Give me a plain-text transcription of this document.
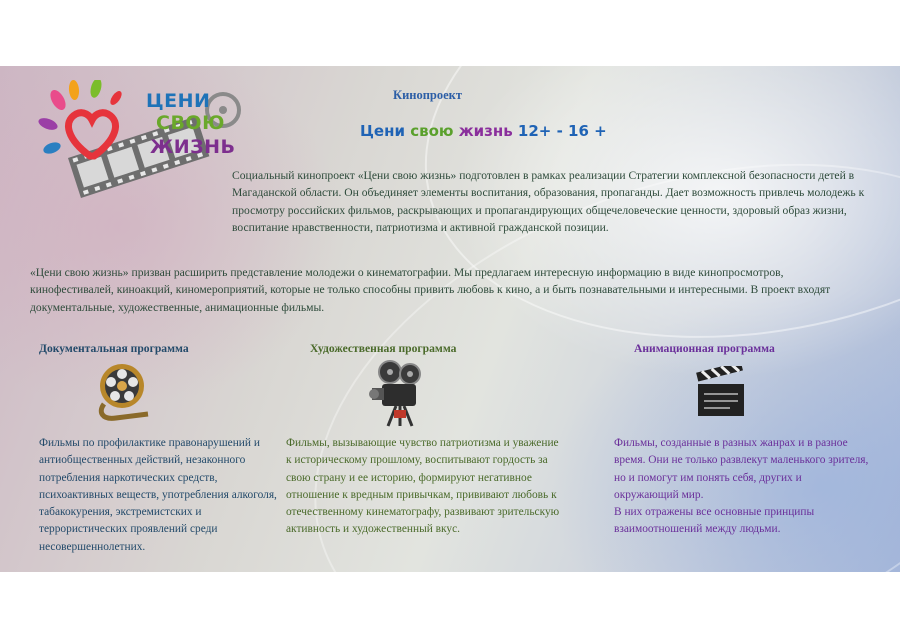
ЦЕНИ
СВОЮ
ЖИЗНЬ
Кинопроект
Цени свою жизнь 12+ - 16 +
Социальный кинопроект «Цени свою жизнь» подготовлен в рамках реализации Стратегии комплексной безопасности детей в Магаданской области. Он объединяет элементы воспитания, образования, пропаганды. Дает возможность привлечь молодежь к просмотру российских фильмов, раскрывающих и пропагандирующих общечеловеческие ценности, здоровый образ жизни, воспитание нравственности, патриотизма и активной гражданской позиции.
«Цени свою жизнь» призван расширить представление молодежи о кинематографии. Мы предлагаем интересную информацию в виде кинопросмотров, кинофестивалей, киноакций, киномероприятий, которые не только способны привить любовь к кино, а и быть познавательными и интересными. В проект входят документальные, художественные, анимационные фильмы.
Документальная программа
Фильмы по профилактике правонарушений и антиобщественных действий, незаконного потребления наркотических средств, психоактивных веществ, употребления алкоголя, табакокурения, экстремистских и террористических проявлений среди несовершеннолетних.
Художественная программа
Фильмы, вызывающие чувство патриотизма и уважение к историческому прошлому, воспитывают гордость за свою страну и ее историю, формируют негативное отношение к вредным привычкам, прививают любовь к отечественному кинематографу, развивают зрительскую активность и художественный вкус.
Анимационная программа
Фильмы, созданные в разных жанрах и в разное время. Они не только развлекут маленького зрителя, но и помогут им понять себя, других и окружающий мир.
В них отражены все основные принципы взаимоотношений между людьми.
